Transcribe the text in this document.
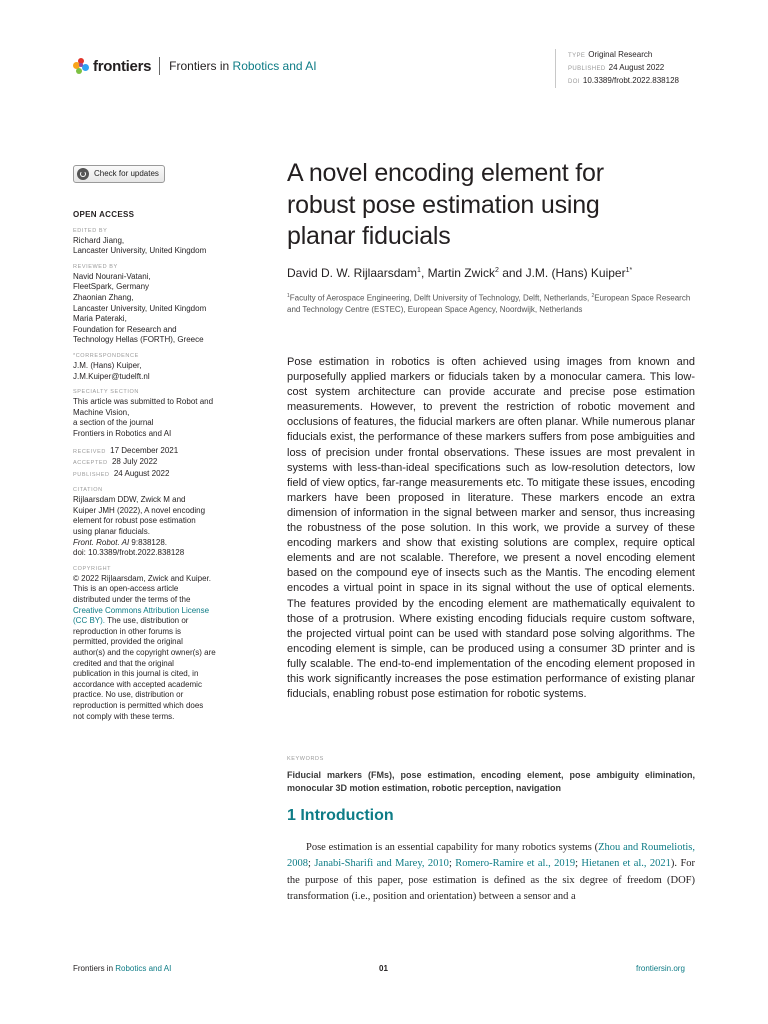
frontiers Frontiers in Robotics and AI
TYPE Original Research
PUBLISHED 24 August 2022
DOI 10.3389/frobt.2022.838128
Check for updates
OPEN ACCESS
EDITED BY

Richard Jiang,

Lancaster University, United Kingdom

REVIEWED BY

Navid Nourani-Vatani,

FleetSpark, Germany

Zhaonian Zhang,

Lancaster University, United Kingdom

Maria Pateraki,

Foundation for Research and

Technology Hellas (FORTH), Greece

*CORRESPONDENCE

J.M. (Hans) Kuiper,

J.M.Kuiper@tudelft.nl

SPECIALTY SECTION

This article was submitted to Robot and

Machine Vision,

a section of the journal

Frontiers in Robotics and AI

RECEIVED 17 December 2021

ACCEPTED 28 July 2022

PUBLISHED 24 August 2022

CITATION

Rijlaarsdam DDW, Zwick M and

Kuiper JMH (2022), A novel encoding

element for robust pose estimation

using planar fiducials.

Front. Robot. AI 9:838128.

doi: 10.3389/frobt.2022.838128

COPYRIGHT

© 2022 Rijlaarsdam, Zwick and Kuiper.

This is an open-access article

distributed under the terms of the

Creative Commons Attribution License

(CC BY). The use, distribution or

reproduction in other forums is

permitted, provided the original

author(s) and the copyright owner(s) are

credited and that the original

publication in this journal is cited, in

accordance with accepted academic

practice. No use, distribution or

reproduction is permitted which does

not comply with these terms.

A novel encoding element for
robust pose estimation using
planar fiducials
David D. W. Rijlaarsdam$^1$, Martin Zwick$^2$ and J.M. (Hans) Kuiper$^{1*}$
$^1$Faculty of Aerospace Engineering, Delft University of Technology, Delft, Netherlands, $^2$European Space Research and Technology Centre (ESTEC), European Space Agency, Noordwijk, Netherlands

Pose estimation in robotics is often achieved using images from known and purposefully applied markers or fiducials taken by a monocular camera. This low-cost system architecture can provide accurate and precise pose estimation measurements. However, to prevent the restriction of robotic movement and occlusions of features, the fiducial markers are often planar. While numerous planar fiducials exist, the performance of these markers suffers from pose ambiguities and loss of precision under frontal observations. These issues are most prevalent in systems with less-than-ideal specifications such as low-resolution detectors, low field of view optics, far-range measurements etc. To mitigate these issues, encoding markers have been proposed in literature. These markers encode an extra dimension of information in the signal between marker and sensor, thus increasing the robustness of the pose solution. In this work, we provide a survey of these encoding markers and show that existing solutions are complex, require optical elements and are not scalable. Therefore, we present a novel encoding element based on the compound eye of insects such as the Mantis. The encoding element encodes a virtual point in space in its signal without the use of optical elements. The features provided by the encoding element are mathematically equivalent to those of a protrusion. Where existing encoding fiducials require custom software, the projected virtual point can be used with standard pose solving algorithms. The encoding element is simple, can be produced using a consumer 3D printer and is fully scalable. The end-to-end implementation of the encoding element proposed in this work significantly increases the pose estimation performance of existing planar fiducials, enabling robust pose estimation for robotic systems.

KEYWORDS

Fiducial markers (FMs), pose estimation, encoding element, pose ambiguity elimination, monocular 3D motion estimation, robotic perception, navigation

1 Introduction

Pose estimation is an essential capability for many robotics systems (Zhou and Roumeliotis, 2008; Janabi-Sharifi and Marey, 2010; Romero-Ramire et al., 2019; Hietanen et al., 2021). For the purpose of this paper, pose estimation is defined as the six degree of freedom (DOF) transformation (i.e., position and orientation) between a sensor and a

Frontiers in Robotics and AI	01	frontiersin.org
